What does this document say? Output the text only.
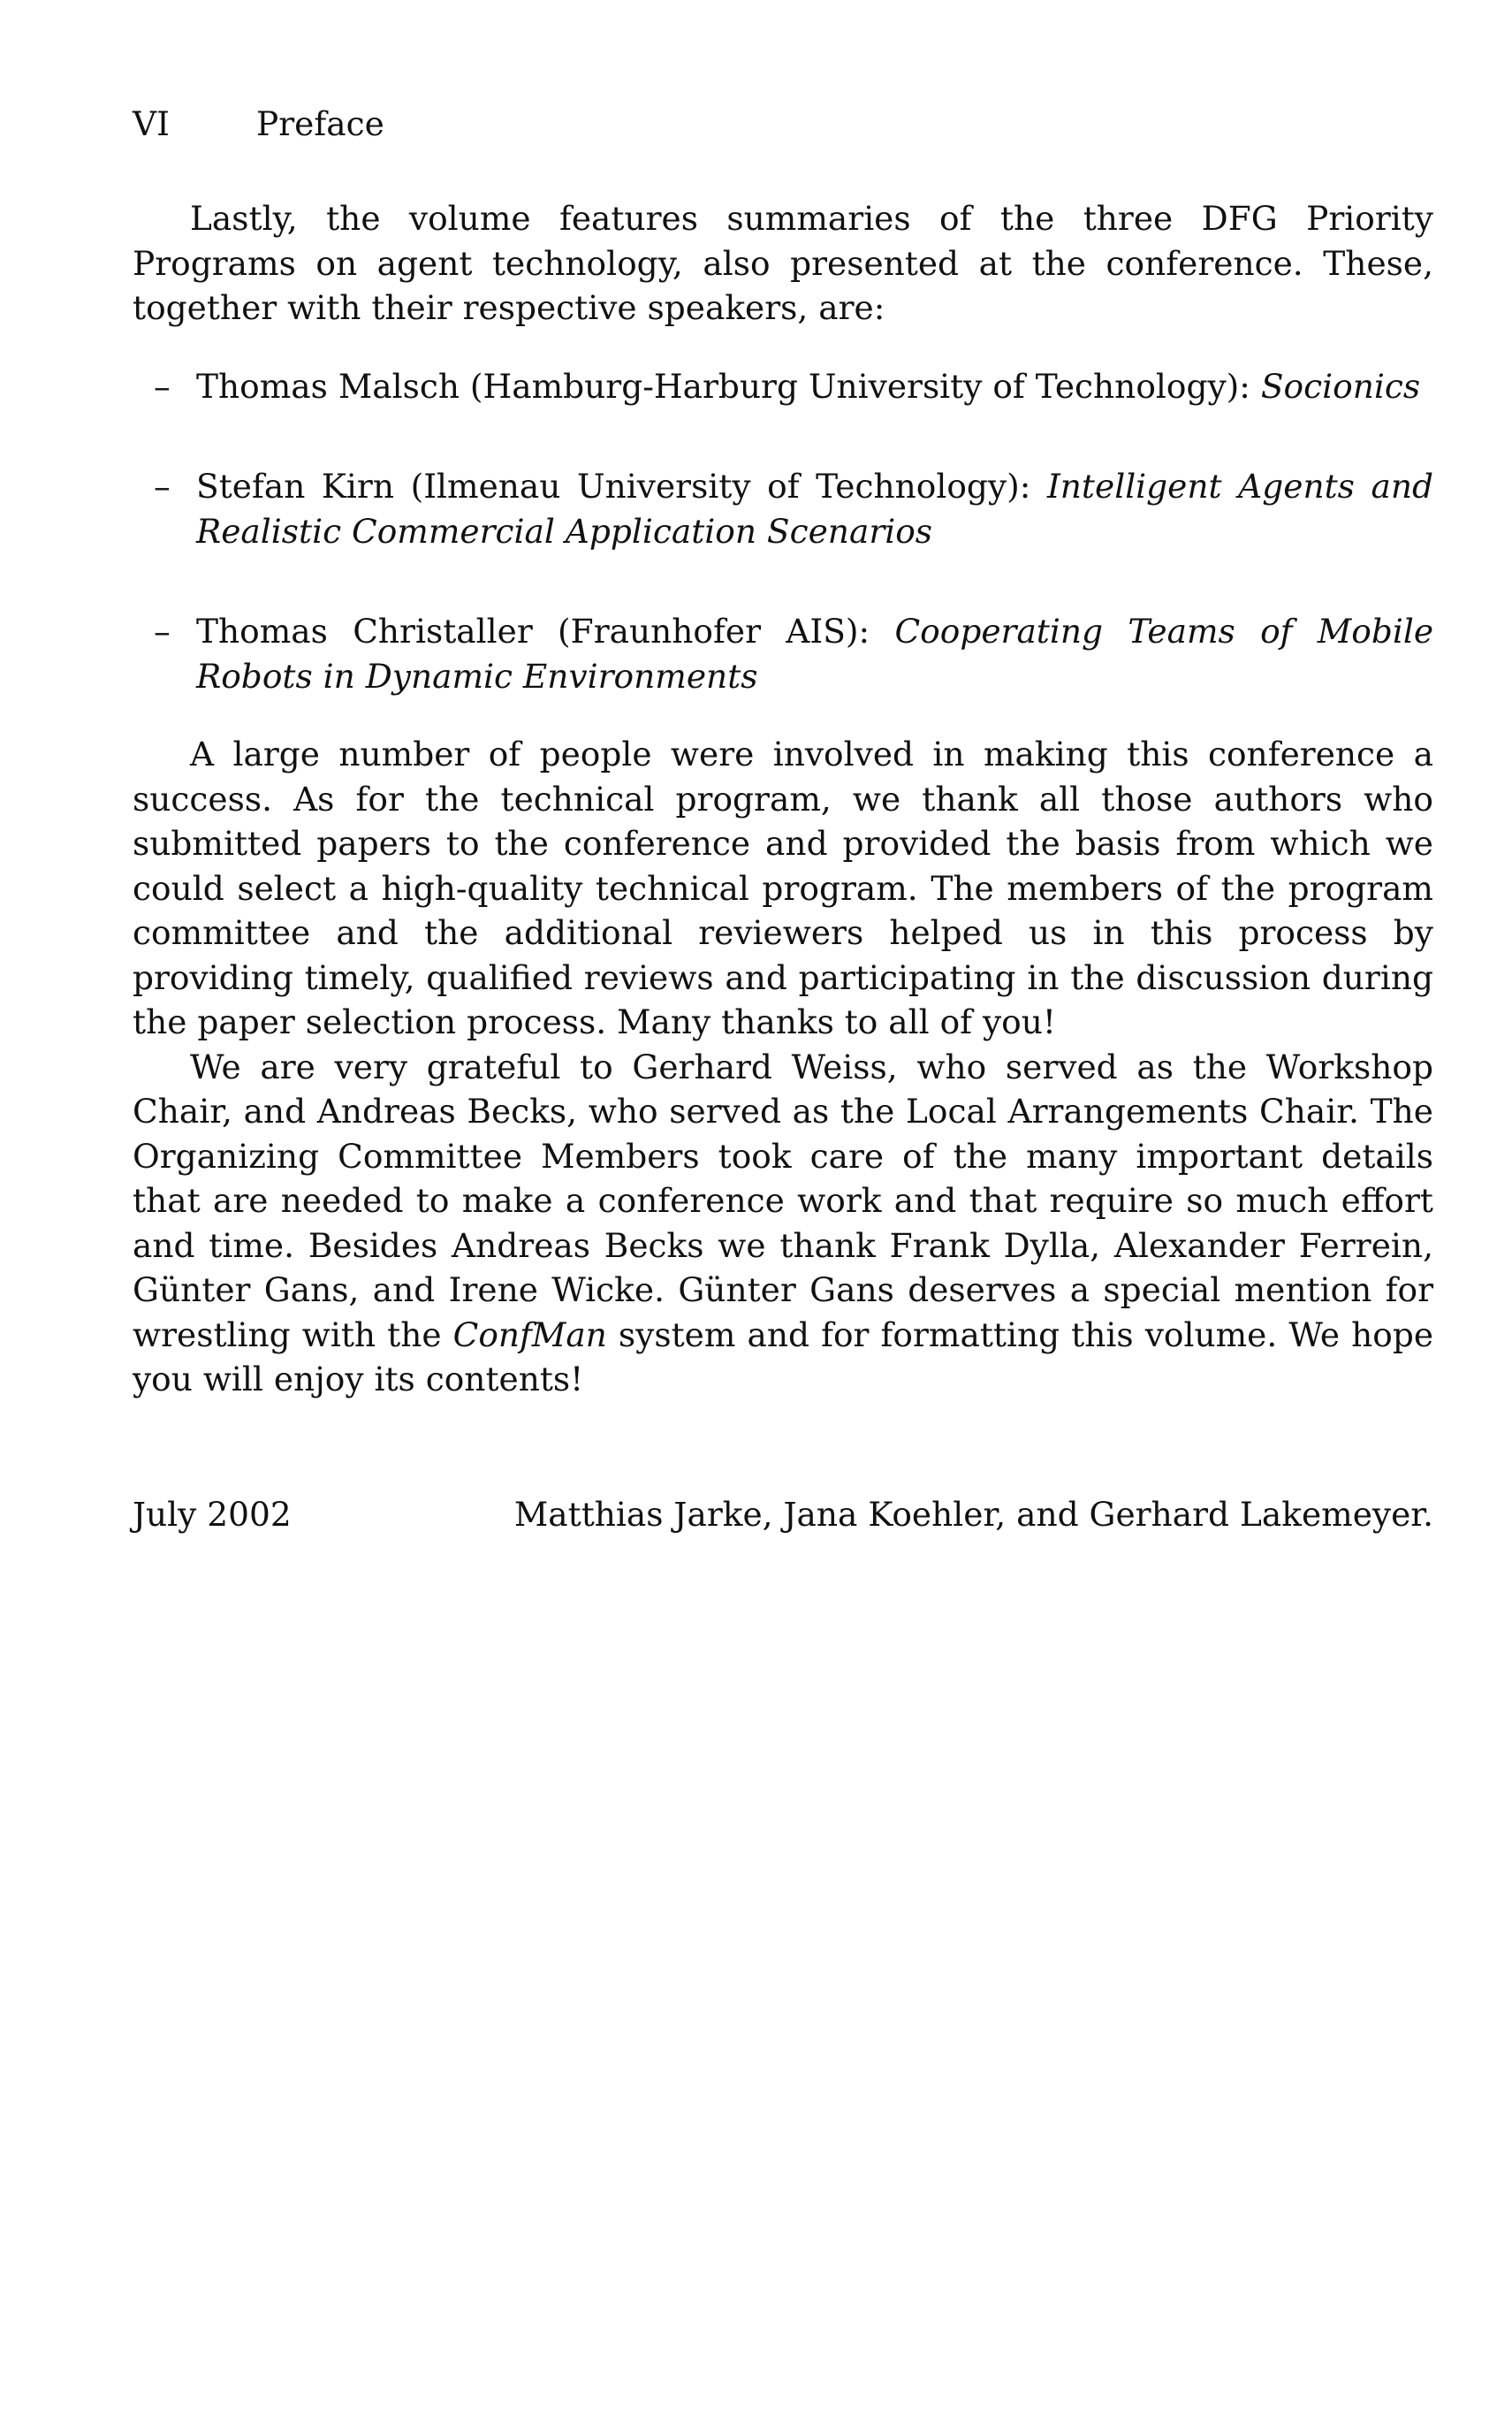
VI	Preface

Lastly, the volume features summaries of the three DFG Priority Programs on agent technology, also presented at the conference. These, together with their respective speakers, are:

– Thomas Malsch (Hamburg-Harburg University of Technology): Socionics
– Stefan Kirn (Ilmenau University of Technology): Intelligent Agents and Realistic Commercial Application Scenarios
– Thomas Christaller (Fraunhofer AIS): Cooperating Teams of Mobile Robots in Dynamic Environments

A large number of people were involved in making this conference a success. As for the technical program, we thank all those authors who submitted papers to the conference and provided the basis from which we could select a high-quality technical program. The members of the program committee and the additional reviewers helped us in this process by providing timely, qualified reviews and participating in the discussion during the paper selection process. Many thanks to all of you!

We are very grateful to Gerhard Weiss, who served as the Workshop Chair, and Andreas Becks, who served as the Local Arrangements Chair. The Organizing Committee Members took care of the many important details that are needed to make a conference work and that require so much effort and time. Besides Andreas Becks we thank Frank Dylla, Alexander Ferrein, Günter Gans, and Irene Wicke. Günter Gans deserves a special mention for wrestling with the ConfMan system and for formatting this volume. We hope you will enjoy its contents!

July 2002	Matthias Jarke, Jana Koehler, and Gerhard Lakemeyer.
